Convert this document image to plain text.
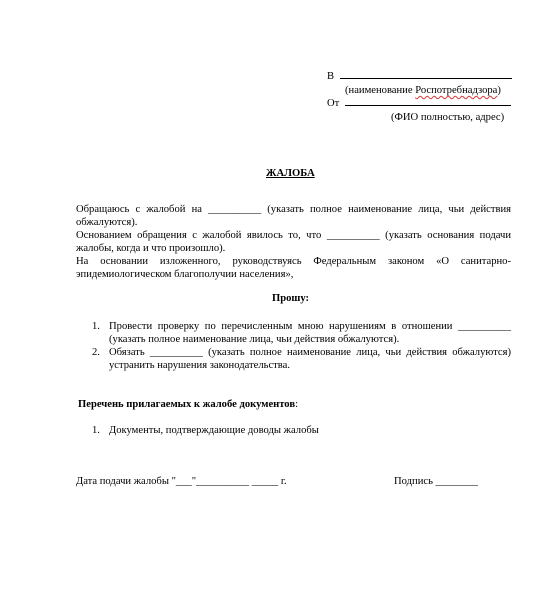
В
(наименование Роспотребнадзора)
От
(ФИО полностью, адрес)
ЖАЛОБА
Обращаюсь с жалобой на __________ (указать полное наименование лица, чьи действия обжалуются).
Основанием обращения с жалобой явилось то, что __________ (указать основания подачи жалобы, когда и что произошло).
На основании изложенного, руководствуясь Федеральным законом «О санитарно-эпидемиологическом благополучии населения»,
Прошу:
1. Провести проверку по перечисленным мною нарушениям в отношении __________ (указать полное наименование лица, чьи действия обжалуются).
2. Обязать __________ (указать полное наименование лица, чьи действия обжалуются) устранить нарушения законодательства.
Перечень прилагаемых к жалобе документов:
1. Документы, подтверждающие доводы жалобы
Дата подачи жалобы "___"__________ _____ г.	Подпись ________
